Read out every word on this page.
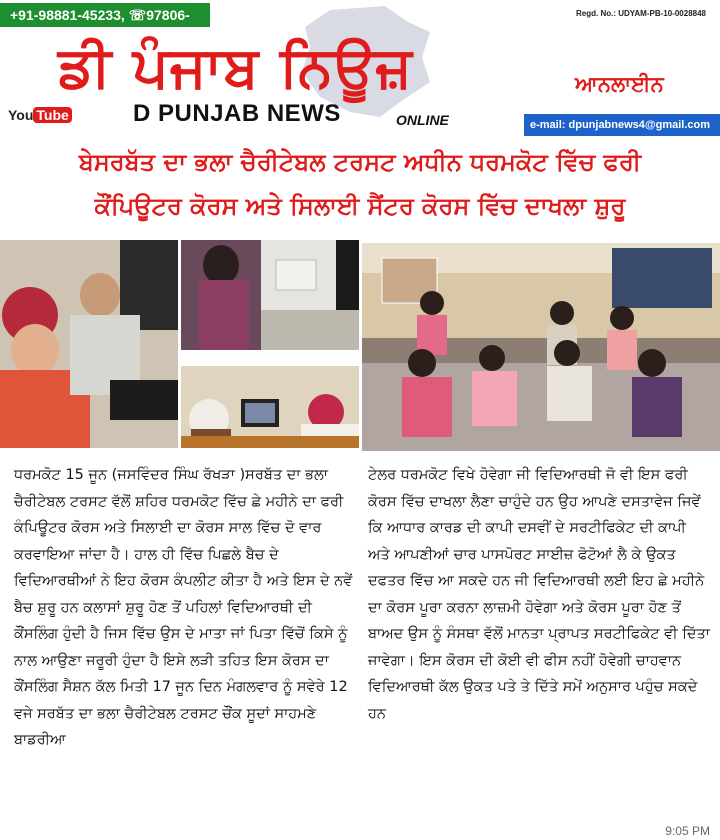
+91-98881-45233, ☏97806-50147
Regd. No.: UDYAM-PB-10-0028848
ਡੀ ਪੰਜਾਬ ਨਿਊਜ਼	ਆਨਲਾਈਨ
You Tube	D PUNJAB NEWS	ONLINE	e-mail: dpunjabnews4@gmail.com
ਬੇਸਰਬੱਤ ਦਾ ਭਲਾ ਚੈਰੀਟੇਬਲ ਟਰਸਟ ਅਧੀਨ ਧਰਮਕੋਟ ਵਿੱਚ ਫਰੀ
ਕੌਂਪਿਊਟਰ ਕੋਰਸ ਅਤੇ ਸਿਲਾਈ ਸੈਂਟਰ ਕੋਰਸ ਵਿੱਚ ਦਾਖਲਾ ਸ਼ੁਰੂ
ਧਰਮਕੋਟ 15 ਜੂਨ (ਜਸਵਿੰਦਰ ਸਿੰਘ ਰੱਖੜਾ )ਸਰਬੱਤ ਦਾ ਭਲਾ ਚੈਰੀਟੇਬਲ ਟਰਸਟ ਵੱਲੋਂ ਸ਼ਹਿਰ ਧਰਮਕੋਟ ਵਿੱਚ ਛੇ ਮਹੀਨੇ ਦਾ ਫਰੀ ਕੰਪਿਊਟਰ ਕੋਰਸ ਅਤੇ ਸਿਲਾਈ ਦਾ ਕੋਰਸ ਸਾਲ ਵਿੱਚ ਦੋ ਵਾਰ ਕਰਵਾਇਆ ਜਾਂਦਾ ਹੈ। ਹਾਲ ਹੀ ਵਿੱਚ ਪਿਛਲੇ ਬੈਚ ਦੇ ਵਿਦਿਆਰਥੀਆਂ ਨੇ ਇਹ ਕੋਰਸ ਕੰਪਲੀਟ ਕੀਤਾ ਹੈ ਅਤੇ ਇਸ ਦੇ ਨਵੇਂ ਬੈਚ ਸ਼ੁਰੂ ਹਨ ਕਲਾਸਾਂ ਸ਼ੁਰੂ ਹੋਣ ਤੋਂ ਪਹਿਲਾਂ ਵਿਦਿਆਰਥੀ ਦੀ ਕੌਂਸਲਿੰਗ ਹੁੰਦੀ ਹੈ ਜਿਸ ਵਿੱਚ ਉਸ ਦੇ ਮਾਤਾ ਜਾਂ ਪਿਤਾ ਵਿੱਚੋਂ ਕਿਸੇ ਨੂੰ ਨਾਲ ਆਉਣਾ ਜਰੂਰੀ ਹੁੰਦਾ ਹੈ ਇਸੇ ਲੜੀ ਤਹਿਤ ਇਸ ਕੋਰਸ ਦਾ ਕੌਂਸਲਿੰਗ ਸੈਸ਼ਨ ਕੱਲ ਮਿਤੀ 17 ਜੂਨ ਦਿਨ ਮੰਗਲਵਾਰ ਨੂੰ ਸਵੇਰੇ 12 ਵਜੇ ਸਰਬੱਤ ਦਾ ਭਲਾ ਚੈਰੀਟੇਬਲ ਟਰਸਟ ਚੌਂਕ ਸੂਦਾਂ ਸਾਹਮਣੇ ਬਾਡਰੀਆ
ਟੇਲਰ ਧਰਮਕੋਟ ਵਿਖੇ ਹੋਵੇਗਾ ਜੀ ਵਿਦਿਆਰਥੀ ਜੋ ਵੀ ਇਸ ਫਰੀ ਕੋਰਸ ਵਿੱਚ ਦਾਖਲਾ ਲੈਣਾ ਚਾਹੁੰਦੇ ਹਨ ਉਹ ਆਪਣੇ ਦਸਤਾਵੇਜ ਜਿਵੇਂ ਕਿ ਆਧਾਰ ਕਾਰਡ ਦੀ ਕਾਪੀ ਦਸਵੀਂ ਦੇ ਸਰਟੀਫਿਕੇਟ ਦੀ ਕਾਪੀ ਅਤੇ ਆਪਣੀਆਂ ਚਾਰ ਪਾਸਪੋਰਟ ਸਾਈਜ਼ ਫੋਟੋਆਂ ਲੈ ਕੇ ਉਕਤ ਦਫਤਰ ਵਿੱਚ ਆ ਸਕਦੇ ਹਨ ਜੀ ਵਿਦਿਆਰਥੀ ਲਈ ਇਹ ਛੇ ਮਹੀਨੇ ਦਾ ਕੋਰਸ ਪੂਰਾ ਕਰਨਾ ਲਾਜ਼ਮੀ ਹੋਵੇਗਾ ਅਤੇ ਕੋਰਸ ਪੂਰਾ ਹੋਣ ਤੋਂ ਬਾਅਦ ਉਸ ਨੂੰ ਸੰਸਥਾ ਵੱਲੋਂ ਮਾਨਤਾ ਪ੍ਰਾਪਤ ਸਰਟੀਫਿਕੇਟ ਵੀ ਦਿੱਤਾ ਜਾਵੇਗਾ। ਇਸ ਕੋਰਸ ਦੀ ਕੋਈ ਵੀ ਫੀਸ ਨਹੀਂ ਹੋਵੇਗੀ ਚਾਹਵਾਨ ਵਿਦਿਆਰਥੀ ਕੱਲ ਉਕਤ ਪਤੇ ਤੇ ਦਿੱਤੇ ਸਮੇਂ ਅਨੁਸਾਰ ਪਹੁੰਚ ਸਕਦੇ ਹਨ
9:05 PM
